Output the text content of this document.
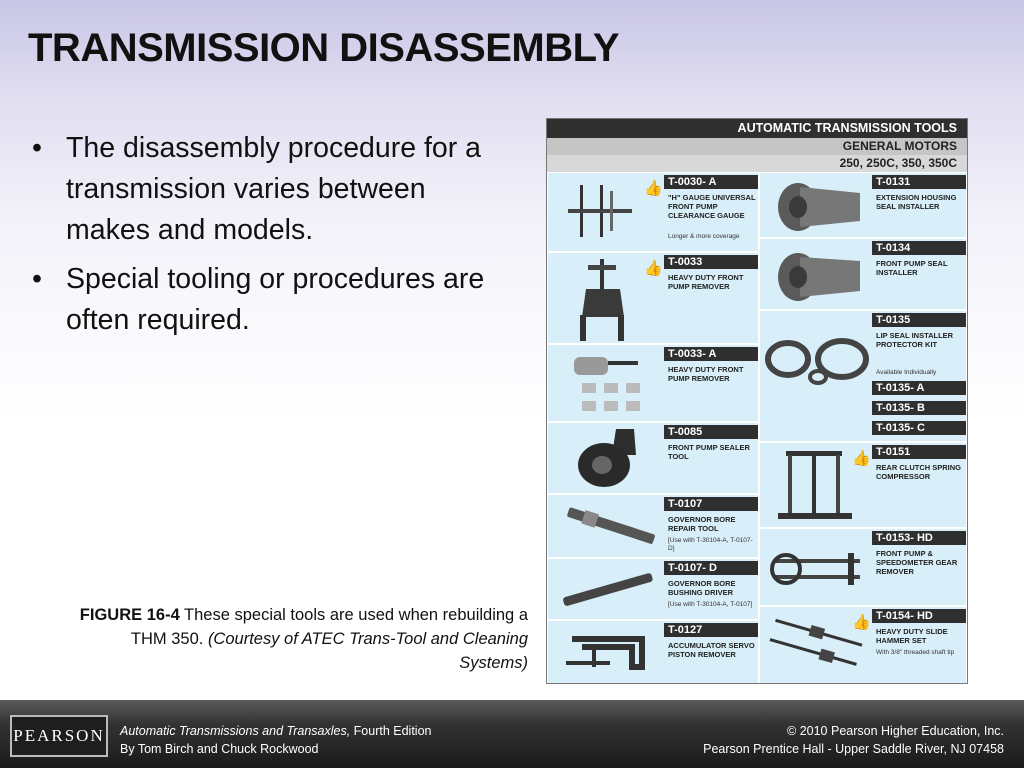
TRANSMISSION DISASSEMBLY
• The disassembly procedure for a transmission varies between makes and models.
• Special tooling or procedures are often required.
FIGURE 16-4 These special tools are used when rebuilding a THM 350. (Courtesy of ATEC Trans-Tool and Cleaning Systems)
AUTOMATIC TRANSMISSION TOOLS
GENERAL MOTORS
250, 250C, 350, 350C
👍 T-0030- A
"H" GAUGE UNIVERSAL FRONT PUMP CLEARANCE GAUGE
Longer & more coverage
👍 T-0033
HEAVY DUTY FRONT PUMP REMOVER
T-0033- A
HEAVY DUTY FRONT PUMP REMOVER
T-0085
FRONT PUMP SEALER TOOL
T-0107
GOVERNOR BORE REPAIR TOOL
[Use with T-30104-A, T-0107-D]
T-0107- D
GOVERNOR BORE BUSHING DRIVER
[Use with T-30104-A, T-0107]
T-0127
ACCUMULATOR SERVO PISTON REMOVER
T-0131
EXTENSION HOUSING SEAL INSTALLER
T-0134
FRONT PUMP SEAL INSTALLER
T-0135
LIP SEAL INSTALLER PROTECTOR KIT
Available Individually
T-0135- A
T-0135- B
T-0135- C
👍 T-0151
REAR CLUTCH SPRING COMPRESSOR
T-0153- HD
FRONT PUMP & SPEEDOMETER GEAR REMOVER
👍 T-0154- HD
HEAVY DUTY SLIDE HAMMER SET
With 3/8" threaded shaft tip
PEARSON Automatic Transmissions and Transaxles, Fourth Edition
By Tom Birch and Chuck Rockwood
© 2010 Pearson Higher Education, Inc.
Pearson Prentice Hall - Upper Saddle River, NJ 07458
